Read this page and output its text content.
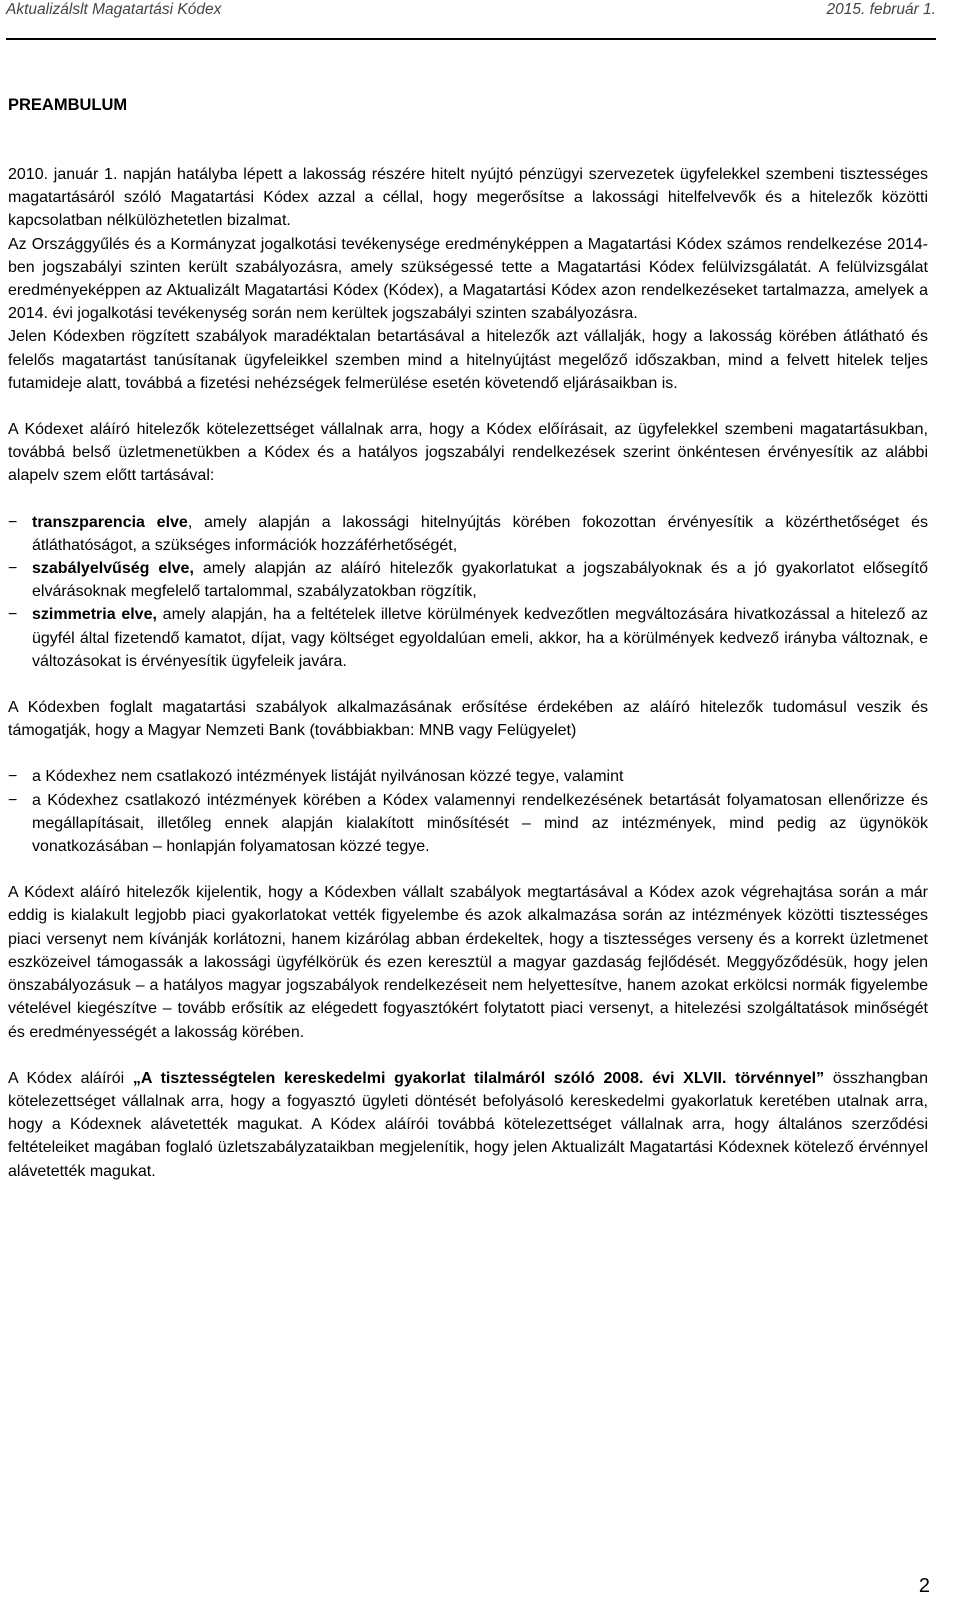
Aktualizálslt Magatartási Kódex	2015. február 1.
PREAMBULUM

2010. január 1. napján hatályba lépett a lakosság részére hitelt nyújtó pénzügyi szervezetek ügyfelekkel szembeni tisztességes magatartásáról szóló Magatartási Kódex azzal a céllal, hogy megerősítse a lakossági hitelfelvevők és a hitelezők közötti kapcsolatban nélkülözhetetlen bizalmat.

Az Országgyűlés és a Kormányzat jogalkotási tevékenysége eredményképpen a Magatartási Kódex számos rendelkezése 2014-ben jogszabályi szinten került szabályozásra, amely szükségessé tette a Magatartási Kódex felülvizsgálatát. A felülvizsgálat eredményeképpen az Aktualizált Magatartási Kódex (Kódex), a Magatartási Kódex azon rendelkezéseket tartalmazza, amelyek a 2014. évi jogalkotási tevékenység során nem kerültek jogszabályi szinten szabályozásra.

Jelen Kódexben rögzített szabályok maradéktalan betartásával a hitelezők azt vállalják, hogy a lakosság körében átlátható és felelős magatartást tanúsítanak ügyfeleikkel szemben mind a hitelnyújtást megelőző időszakban, mind a felvett hitelek teljes futamideje alatt, továbbá a fizetési nehézségek felmerülése esetén követendő eljárásaikban is.

A Kódexet aláíró hitelezők kötelezettséget vállalnak arra, hogy a Kódex előírásait, az ügyfelekkel szembeni magatartásukban, továbbá belső üzletmenetükben a Kódex és a hatályos jogszabályi rendelkezések szerint önkéntesen érvényesítik az alábbi alapelv szem előtt tartásával:

− transzparencia elve, amely alapján a lakossági hitelnyújtás körében fokozottan érvényesítik a közérthetőséget és átláthatóságot, a szükséges információk hozzáférhetőségét,
− szabályelvűség elve, amely alapján az aláíró hitelezők gyakorlatukat a jogszabályoknak és a jó gyakorlatot elősegítő elvárásoknak megfelelő tartalommal, szabályzatokban rögzítik,
− szimmetria elve, amely alapján, ha a feltételek illetve körülmények kedvezőtlen megváltozására hivatkozással a hitelező az ügyfél által fizetendő kamatot, díjat, vagy költséget egyoldalúan emeli, akkor, ha a körülmények kedvező irányba változnak, e változásokat is érvényesítik ügyfeleik javára.

A Kódexben foglalt magatartási szabályok alkalmazásának erősítése érdekében az aláíró hitelezők tudomásul veszik és támogatják, hogy a Magyar Nemzeti Bank (továbbiakban: MNB vagy Felügyelet)

− a Kódexhez nem csatlakozó intézmények listáját nyilvánosan közzé tegye, valamint
− a Kódexhez csatlakozó intézmények körében a Kódex valamennyi rendelkezésének betartását folyamatosan ellenőrizze és megállapításait, illetőleg ennek alapján kialakított minősítését – mind az intézmények, mind pedig az ügynökök vonatkozásában – honlapján folyamatosan közzé tegye.

A Kódext aláíró hitelezők kijelentik, hogy a Kódexben vállalt szabályok megtartásával a Kódex azok végrehajtása során a már eddig is kialakult legjobb piaci gyakorlatokat vették figyelembe és azok alkalmazása során az intézmények közötti tisztességes piaci versenyt nem kívánják korlátozni, hanem kizárólag abban érdekeltek, hogy a tisztességes verseny és a korrekt üzletmenet eszközeivel támogassák a lakossági ügyfélkörük és ezen keresztül a magyar gazdaság fejlődését. Meggyőződésük, hogy jelen önszabályozásuk – a hatályos magyar jogszabályok rendelkezéseit nem helyettesítve, hanem azokat erkölcsi normák figyelembe vételével kiegészítve – tovább erősítik az elégedett fogyasztókért folytatott piaci versenyt, a hitelezési szolgáltatások minőségét és eredményességét a lakosság körében.

A Kódex aláírói „A tisztességtelen kereskedelmi gyakorlat tilalmáról szóló 2008. évi XLVII. törvénnyel” összhangban kötelezettséget vállalnak arra, hogy a fogyasztó ügyleti döntését befolyásoló kereskedelmi gyakorlatuk keretében utalnak arra, hogy a Kódexnek alávetették magukat. A Kódex aláírói továbbá kötelezettséget vállalnak arra, hogy általános szerződési feltételeiket magában foglaló üzletszabályzataikban megjelenítik, hogy jelen Aktualizált Magatartási Kódexnek kötelező érvénnyel alávetették magukat.

2
